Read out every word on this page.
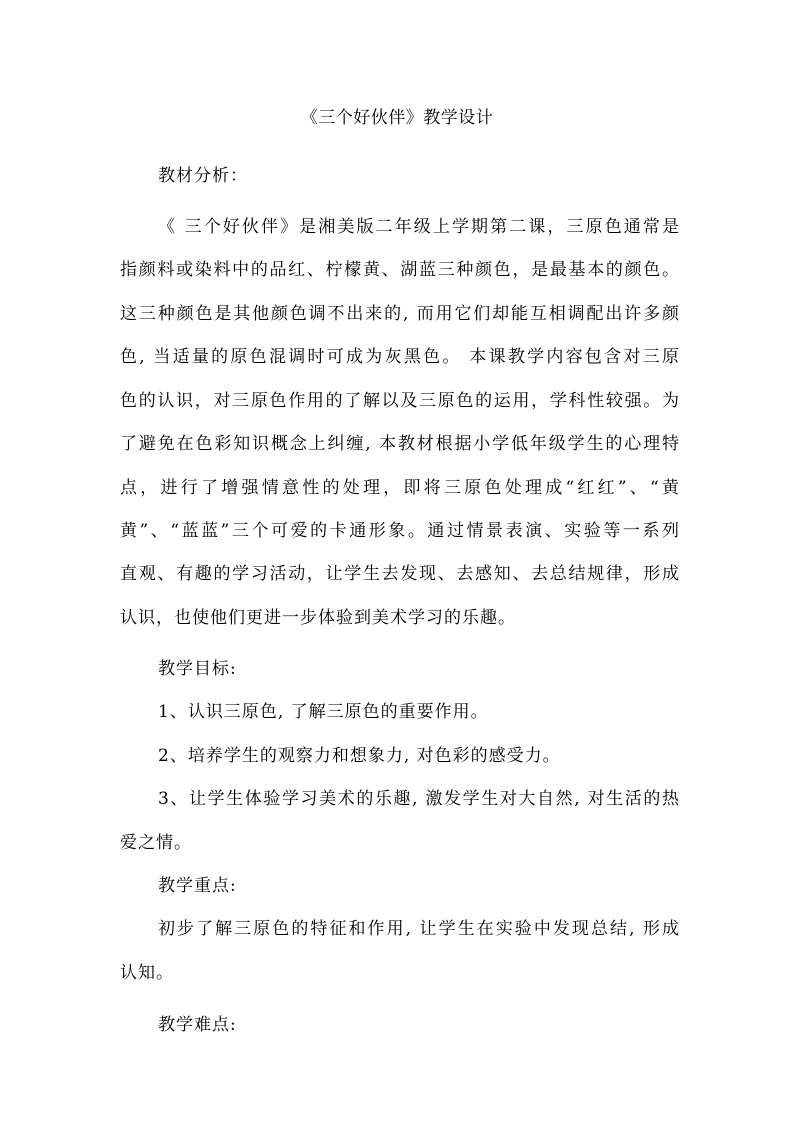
《三个好伙伴》教学设计
教材分析：
《 三个好伙伴》是湘美版二年级上学期第二课，三原色通常是
指颜料或染料中的品红、柠檬黄、湖蓝三种颜色，是最基本的颜色。
这三种颜色是其他颜色调不出来的, 而用它们却能互相调配出许多颜
色, 当适量的原色混调时可成为灰黑色。 本课教学内容包含对三原
色的认识，对三原色作用的了解以及三原色的运用，学科性较强。为
了避免在色彩知识概念上纠缠, 本教材根据小学低年级学生的心理特
点，进行了增强情意性的处理，即将三原色处理成“红红”、“黄
黄”、“蓝蓝”三个可爱的卡通形象。通过情景表演、实验等一系列
直观、有趣的学习活动，让学生去发现、去感知、去总结规律，形成
认识，也使他们更进一步体验到美术学习的乐趣。
教学目标:
1、认识三原色, 了解三原色的重要作用。
2、培养学生的观察力和想象力, 对色彩的感受力。
3、让学生体验学习美术的乐趣, 激发学生对大自然, 对生活的热
爱之情。
教学重点:
初步了解三原色的特征和作用, 让学生在实验中发现总结, 形成
认知。
教学难点:
